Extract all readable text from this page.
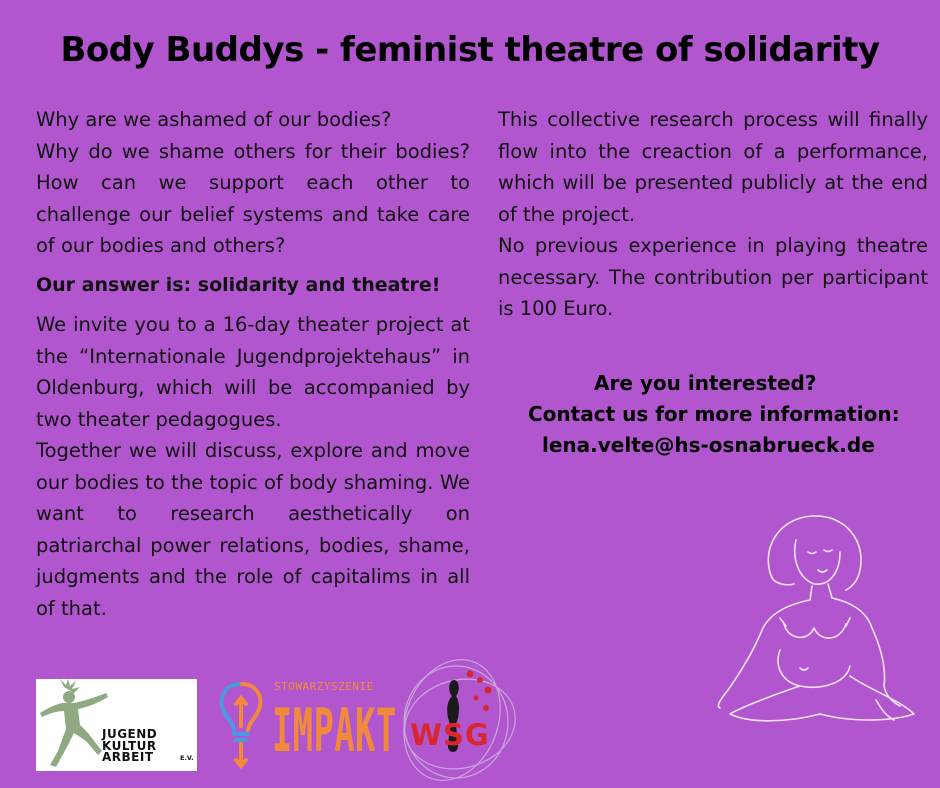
Body Buddys - feminist theatre of solidarity

Why are we ashamed of our bodies?

Why do we shame others for their bodies? How can we support each other to challenge our belief systems and take care of our bodies and others?

Our answer is: solidarity and theatre!

We invite you to a 16-day theater project at the “Internationale Jugendprojektehaus” in Oldenburg, which will be accompanied by two theater pedagogues.

Together we will discuss, explore and move our bodies to the topic of body shaming. We want to research aesthetically on patriarchal power relations, bodies, shame, judgments and the role of capitalims in all of that.

This collective research process will finally flow into the creaction of a performance, which will be presented publicly at the end of the project.

No previous experience in playing theatre necessary. The contribution per participant is 100 Euro.

Are you interested?
Contact us for more information:
lena.velte@hs-osnabrueck.de
JUGEND
KULTUR
ARBEIT	E.V.
STOWARZYSZENIE
IMPAKT WSG
